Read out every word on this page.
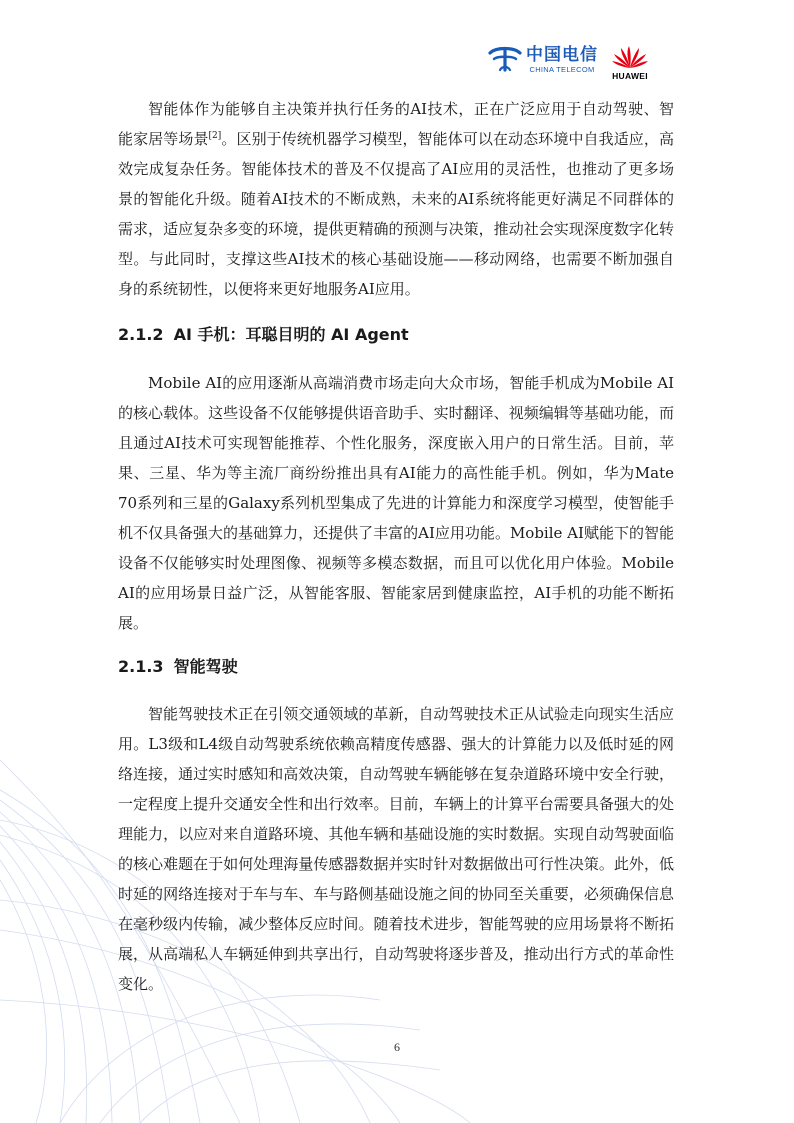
中国电信
CHINA TELECOM
HUAWEI

智能体作为能够自主决策并执行任务的AI技术，正在广泛应用于自动驾驶、智能家居等场景[2]。区别于传统机器学习模型，智能体可以在动态环境中自我适应，高效完成复杂任务。智能体技术的普及不仅提高了AI应用的灵活性，也推动了更多场景的智能化升级。随着AI技术的不断成熟，未来的AI系统将能更好满足不同群体的需求，适应复杂多变的环境，提供更精确的预测与决策，推动社会实现深度数字化转型。与此同时，支撑这些AI技术的核心基础设施——移动网络，也需要不断加强自身的系统韧性，以便将来更好地服务AI应用。

2.1.2 AI 手机：耳聪目明的 AI Agent

Mobile AI的应用逐渐从高端消费市场走向大众市场，智能手机成为Mobile AI的核心载体。这些设备不仅能够提供语音助手、实时翻译、视频编辑等基础功能，而且通过AI技术可实现智能推荐、个性化服务，深度嵌入用户的日常生活。目前，苹果、三星、华为等主流厂商纷纷推出具有AI能力的高性能手机。例如，华为Mate 70系列和三星的Galaxy系列机型集成了先进的计算能力和深度学习模型，使智能手机不仅具备强大的基础算力，还提供了丰富的AI应用功能。Mobile AI赋能下的智能设备不仅能够实时处理图像、视频等多模态数据，而且可以优化用户体验。Mobile AI的应用场景日益广泛，从智能客服、智能家居到健康监控，AI手机的功能不断拓展。

2.1.3 智能驾驶

智能驾驶技术正在引领交通领域的革新，自动驾驶技术正从试验走向现实生活应用。L3级和L4级自动驾驶系统依赖高精度传感器、强大的计算能力以及低时延的网络连接，通过实时感知和高效决策，自动驾驶车辆能够在复杂道路环境中安全行驶，一定程度上提升交通安全性和出行效率。目前，车辆上的计算平台需要具备强大的处理能力，以应对来自道路环境、其他车辆和基础设施的实时数据。实现自动驾驶面临的核心难题在于如何处理海量传感器数据并实时针对数据做出可行性决策。此外，低时延的网络连接对于车与车、车与路侧基础设施之间的协同至关重要，必须确保信息在毫秒级内传输，减少整体反应时间。随着技术进步，智能驾驶的应用场景将不断拓展，从高端私人车辆延伸到共享出行，自动驾驶将逐步普及，推动出行方式的革命性变化。

6
